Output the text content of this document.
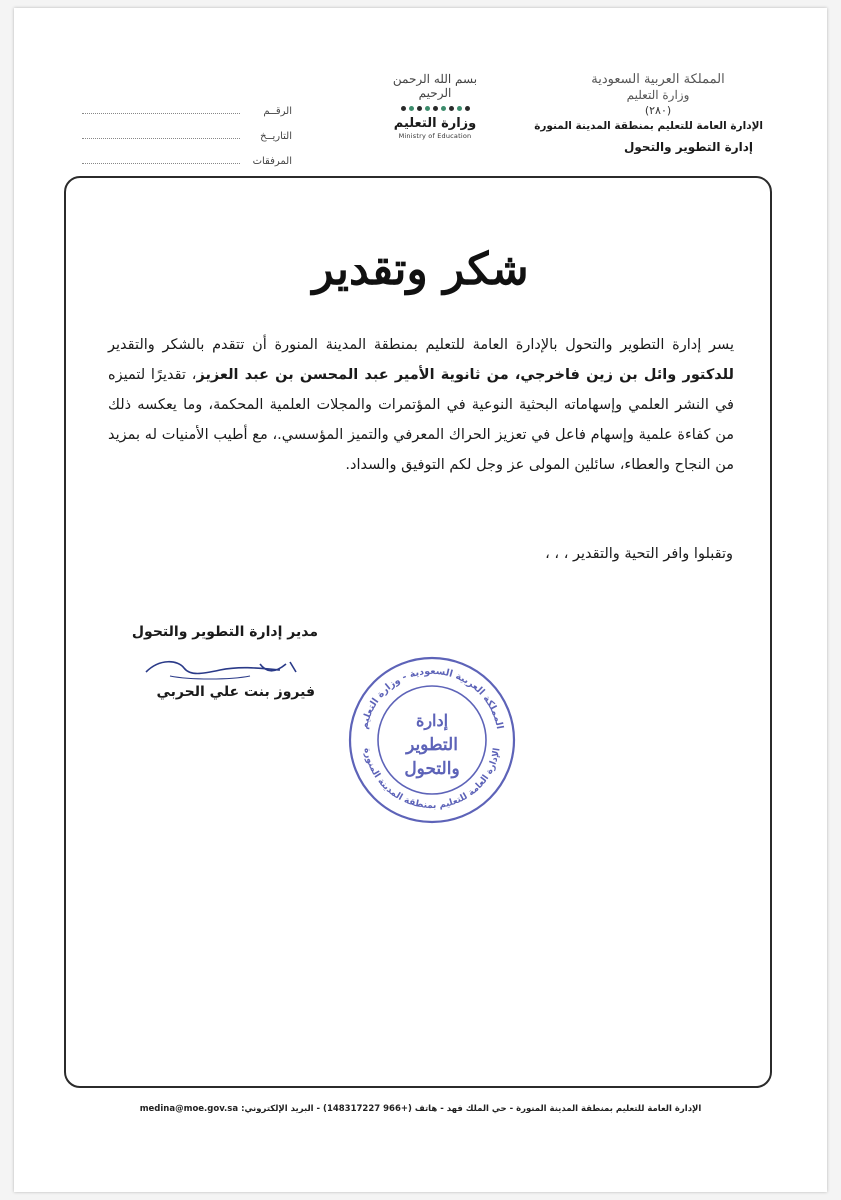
المملكة العربية السعودية
وزارة التعليم
(٢٨٠)
الإدارة العامة للتعليم بمنطقة المدينة المنورة
إدارة التطوير والتحول
بسم الله الرحمن الرحيم
وزارة التعليم
Ministry of Education
الرقــم
التاريــخ
المرفقات
شكر وتقدير
يسر إدارة التطوير والتحول بالإدارة العامة للتعليم بمنطقة المدينة المنورة أن تتقدم بالشكر والتقدير للدكتور وائل بن زين فاخرجي، من ثانوية الأمير عبد المحسن بن عبد العزيز، تقديرًا لتميزه في النشر العلمي وإسهاماته البحثية النوعية في المؤتمرات والمجلات العلمية المحكمة، وما يعكسه ذلك من كفاءة علمية وإسهام فاعل في تعزيز الحراك المعرفي والتميز المؤسسي.، مع أطيب الأمنيات له بمزيد من النجاح والعطاء، سائلين المولى عز وجل لكم التوفيق والسداد.
وتقبلوا وافر التحية والتقدير ، ، ،
مدير إدارة التطوير والتحول
فيروز بنت علي الحربي
المملكة العربية السعودية - وزارة التعليم
الإدارة العامة للتعليم بمنطقة المدينة المنورة
إدارة
التطوير
والتحول
medina@moe.gov.sa الإدارة العامة للتعليم بمنطقة المدينة المنورة - حي الملك فهد - هاتف (+966 148317227) - البريد الإلكتروني:
